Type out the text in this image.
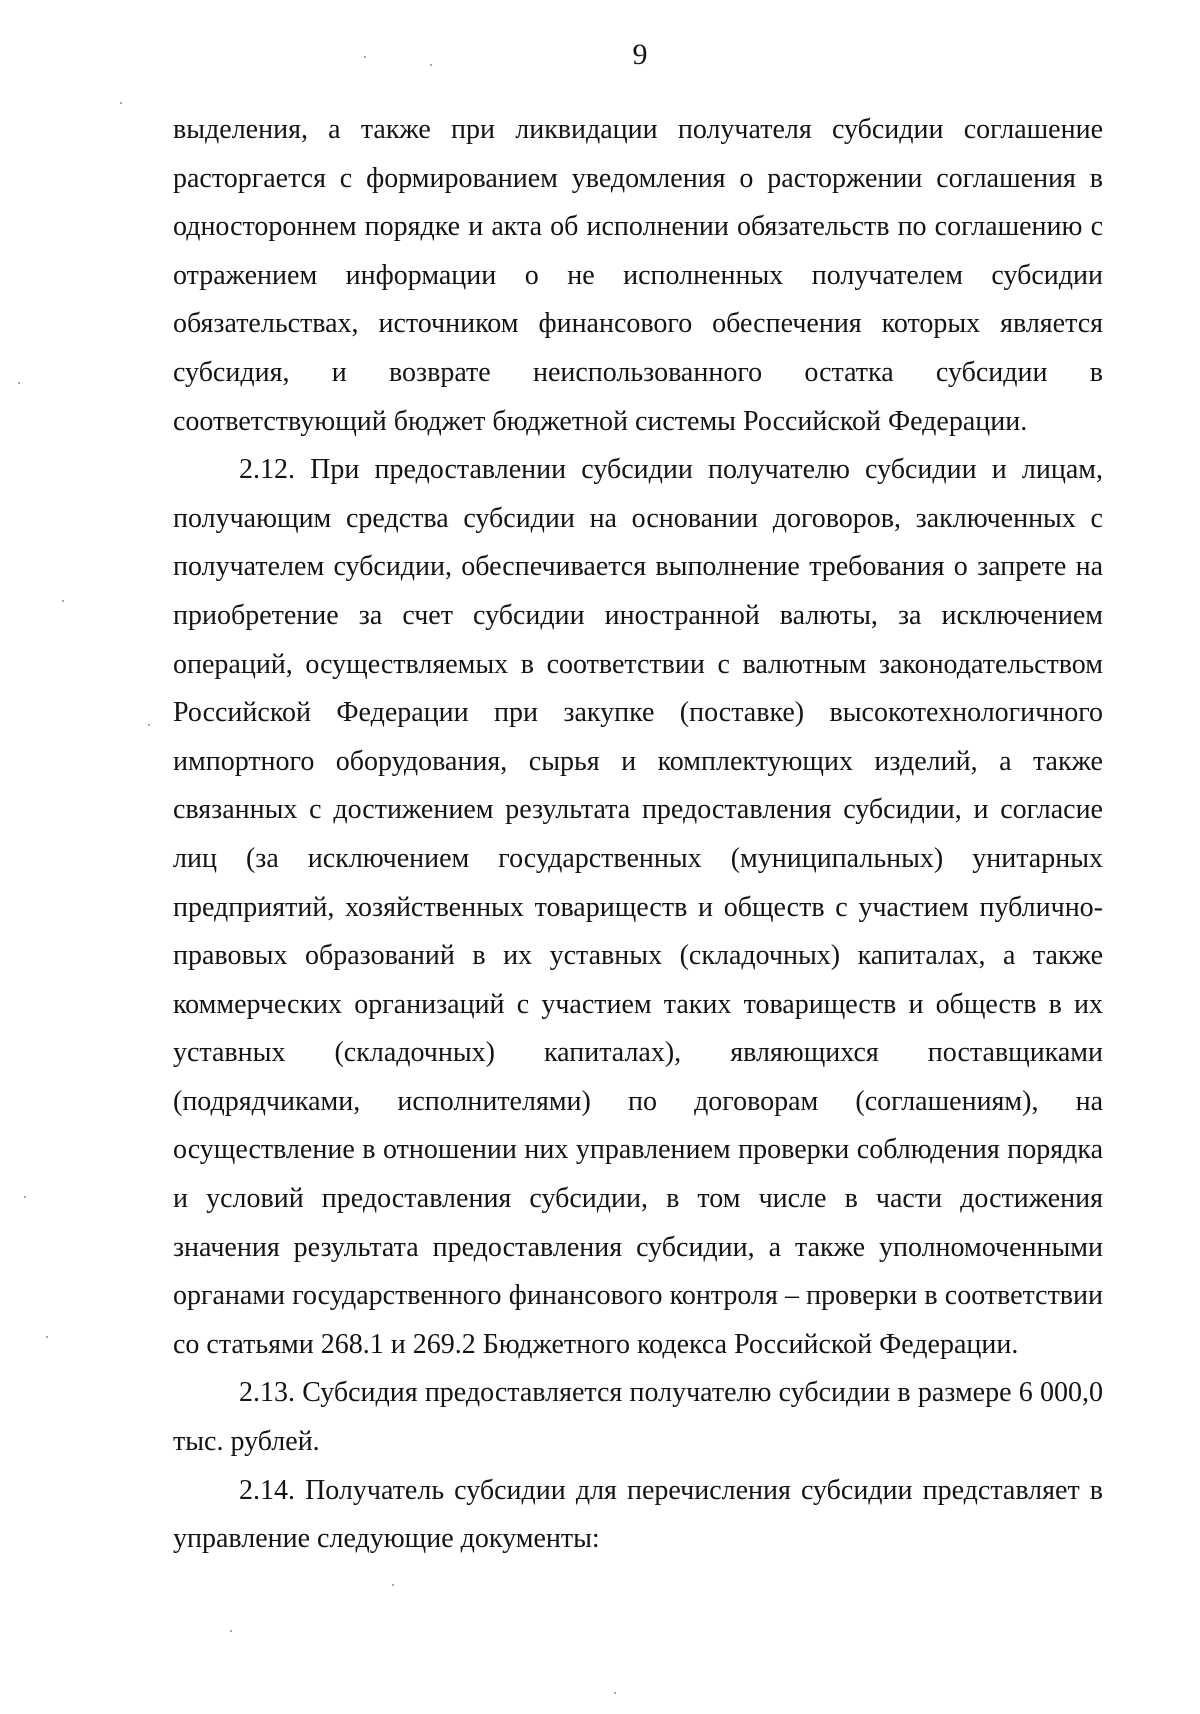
9

выделения, а также при ликвидации получателя субсидии соглашение расторгается с формированием уведомления о расторжении соглашения в одностороннем порядке и акта об исполнении обязательств по соглашению с отражением информации о не исполненных получателем субсидии обязательствах, источником финансового обеспечения которых является субсидия, и возврате неиспользованного остатка субсидии в соответствующий бюджет бюджетной системы Российской Федерации.

2.12. При предоставлении субсидии получателю субсидии и лицам, получающим средства субсидии на основании договоров, заключенных с получателем субсидии, обеспечивается выполнение требования о запрете на приобретение за счет субсидии иностранной валюты, за исключением операций, осуществляемых в соответствии с валютным законодательством Российской Федерации при закупке (поставке) высокотехнологичного импортного оборудования, сырья и комплектующих изделий, а также связанных с достижением результата предоставления субсидии, и согласие лиц (за исключением государственных (муниципальных) унитарных предприятий, хозяйственных товариществ и обществ с участием публично-правовых образований в их уставных (складочных) капиталах, а также коммерческих организаций с участием таких товариществ и обществ в их уставных (складочных) капиталах), являющихся поставщиками (подрядчиками, исполнителями) по договорам (соглашениям), на осуществление в отношении них управлением проверки соблюдения порядка и условий предоставления субсидии, в том числе в части достижения значения результата предоставления субсидии, а также уполномоченными органами государственного финансового контроля – проверки в соответствии со статьями 268.1 и 269.2 Бюджетного кодекса Российской Федерации.

2.13. Субсидия предоставляется получателю субсидии в размере 6 000,0 тыс. рублей.

2.14. Получатель субсидии для перечисления субсидии представляет в управление следующие документы:
